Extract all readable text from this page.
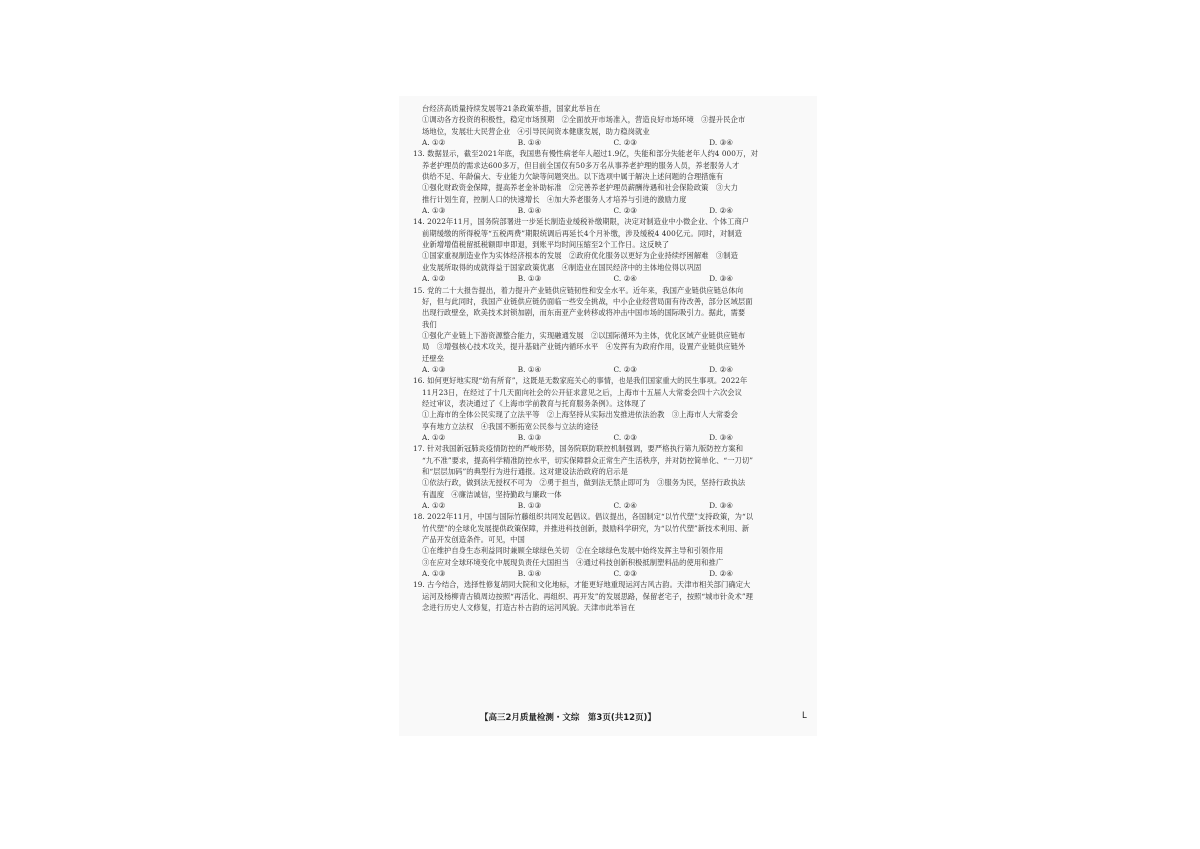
台经济高质量持续发展等21条政策举措，国家此举旨在
①调动各方投资的积极性，稳定市场预期　②全面放开市场准入，营造良好市场环境　③提升民企市
场地位，发展壮大民营企业　④引导民间资本健康发展，助力稳岗就业
A. ①②	B. ①④	C. ②③	D. ③④
13. 数据显示，截至2021年底，我国患有慢性病老年人超过1.9亿，失能和部分失能老年人约4 000万，对
养老护理员的需求达600多万，但目前全国仅有50多万名从事养老护理的服务人员，养老服务人才
供给不足、年龄偏大、专业能力欠缺等问题突出。以下选项中属于解决上述问题的合理措施有
①强化财政资金保障，提高养老金补助标准　②完善养老护理员薪酬待遇和社会保险政策　③大力
推行计划生育，控制人口的快速增长　④加大养老服务人才培养与引进的激励力度
A. ①③	B. ①④	C. ②③	D. ②④
14. 2022年11月，国务院部署进一步延长制造业缓税补缴期限，决定对制造业中小微企业、个体工商户
前期缓缴的所得税等“五税两费”期限统调后再延长4个月补缴，涉及缓税4 400亿元。同时，对制造
业新增增值税留抵税额即申即退，到账平均时间压缩至2个工作日。这反映了
①国家重视制造业作为实体经济根本的发展　②政府优化服务以更好为企业持续纾困解难　③制造
业发展所取得的成就得益于国家政策优惠　④制造业在国民经济中的主体地位得以巩固
A. ①②	B. ①③	C. ②④	D. ③④
15. 党的二十大报告提出，着力提升产业链供应链韧性和安全水平。近年来，我国产业链供应链总体向
好，但与此同时，我国产业链供应链仍面临一些安全挑战，中小企业经营局面有待改善，部分区域层面
出现行政壁垒，欧美技术封锁加剧，而东南亚产业转移或将冲击中国市场的国际吸引力。据此，需要
我们
①强化产业链上下游资源整合能力，实现融通发展　②以国际循环为主体，优化区域产业链供应链布
局　③增强核心技术攻关，提升基础产业链内循环水平　④发挥有为政府作用，设置产业链供应链外
迁壁垒
A. ①③	B. ①④	C. ②③	D. ②④
16. 如何更好地实现“幼有所育”，这既是无数家庭关心的事情，也是我们国家重大的民生事项。2022年
11月23日，在经过了十几天面向社会的公开征求意见之后，上海市十五届人大常委会四十六次会议
经过审议，表决通过了《上海市学前教育与托育服务条例》。这体现了
①上海市的全体公民实现了立法平等　②上海坚持从实际出发推进依法治教　③上海市人大常委会
享有地方立法权　④我国不断拓宽公民参与立法的途径
A. ①②	B. ①③	C. ②③	D. ③④
17. 针对我国新冠肺炎疫情防控的严峻形势，国务院联防联控机制强调，要严格执行第九版防控方案和
“九不准”要求，提高科学精准防控水平，切实保障群众正常生产生活秩序，并对防控简单化、“一刀切”
和“层层加码”的典型行为进行通报。这对建设法治政府的启示是
①依法行政，做到法无授权不可为　②勇于担当，做到法无禁止即可为　③服务为民，坚持行政执法
有温度　④廉洁诚信，坚持勤政与廉政一体
A. ①②	B. ①③	C. ②④	D. ③④
18. 2022年11月，中国与国际竹藤组织共同发起倡议。倡议提出，各国制定“以竹代塑”支持政策，为“以
竹代塑”的全球化发展提供政策保障，并推进科技创新，鼓励科学研究，为“以竹代塑”新技术利用、新
产品开发创造条件。可见，中国
①在维护自身生态利益同时兼顾全球绿色关切　②在全球绿色发展中始终发挥主导和引领作用
③在应对全球环境变化中展现负责任大国担当　④通过科技创新积极抵制塑料品的使用和推广
A. ①③	B. ①④	C. ②③	D. ②④
19. 古今结合，选择性修复胡同大院和文化地标，才能更好地重现运河古风古韵。天津市相关部门确定大
运河及杨柳青古镇周边按照“再活化、再组织、再开发”的发展思路，保留老宅子，按照“城市针灸术”理
念进行历史人文修复，打造古朴古韵的运河风貌。天津市此举旨在
【高三2月质量检测・文综　第3页(共12页)】	L
